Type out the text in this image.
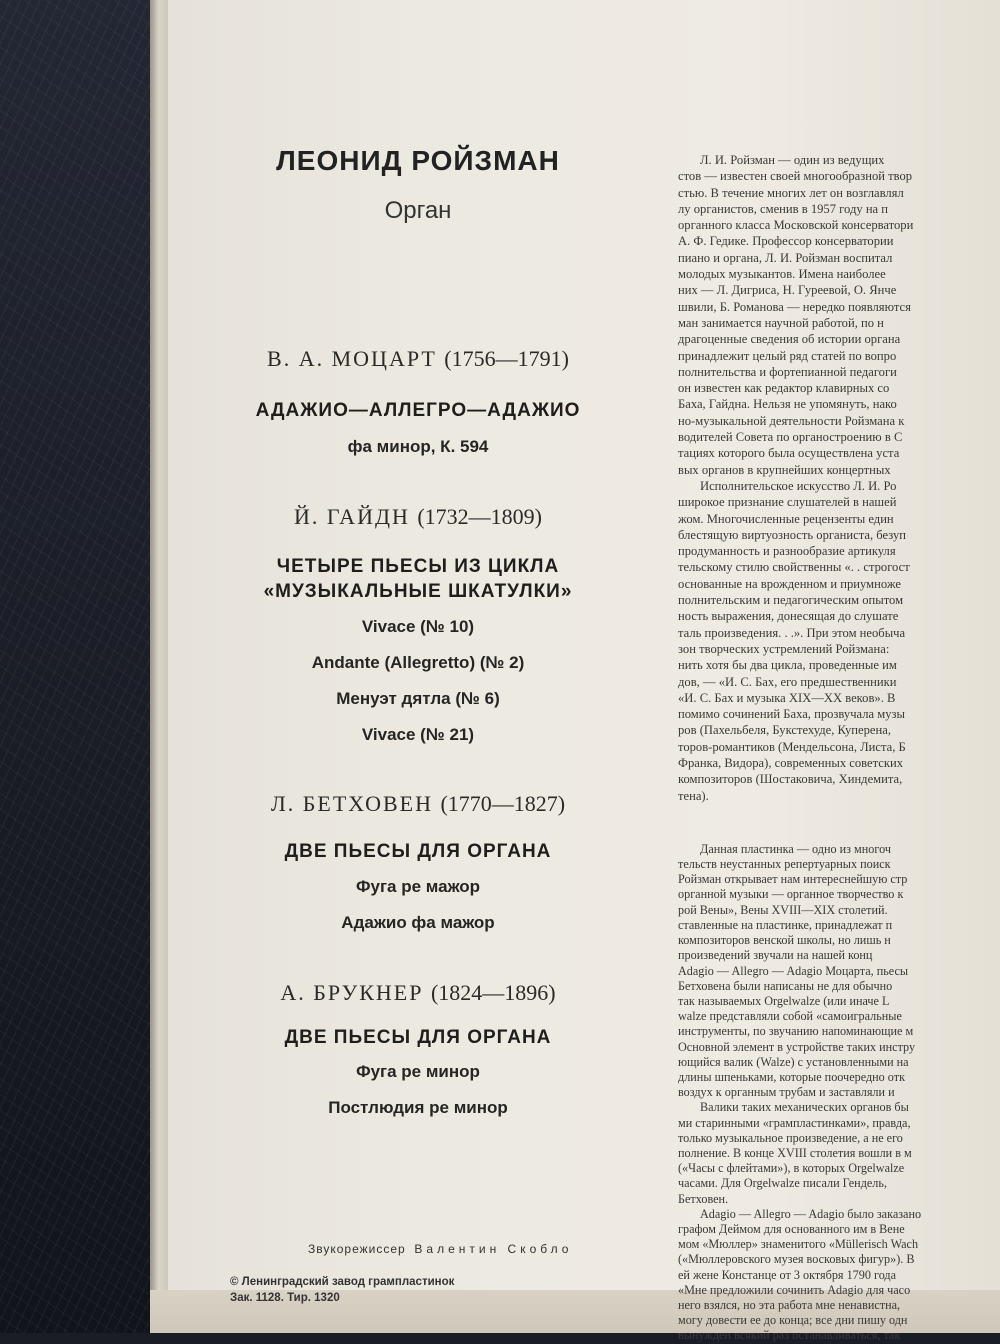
ЛЕОНИД РОЙЗМАН
Орган
В. А. МОЦАРТ (1756—1791)
АДАЖИО—АЛЛЕГРО—АДАЖИО
фа минор, К. 594
Й. ГАЙДН (1732—1809)
ЧЕТЫРЕ ПЬЕСЫ ИЗ ЦИКЛА
«МУЗЫКАЛЬНЫЕ ШКАТУЛКИ»
Vivace (№ 10)
Andante (Allegretto) (№ 2)
Менуэт дятла (№ 6)
Vivace (№ 21)
Л. БЕТХОВЕН (1770—1827)
ДВЕ ПЬЕСЫ ДЛЯ ОРГАНА
Фуга ре мажор
Адажио фа мажор
А. БРУКНЕР (1824—1896)
ДВЕ ПЬЕСЫ ДЛЯ ОРГАНА
Фуга ре минор
Постлюдия ре минор
Звукорежиссер Валентин Скобло
© Ленинградский завод грампластинок
Л. И. Ройзман — один из ведущих
стов — известен своей многообразной твор
стью. В течение многих лет он возглавлял
лу органистов, сменив в 1957 году на п
органного класса Московской консерватори
А. Ф. Гедике. Профессор консерватории
пиано и органа, Л. И. Ройзман воспитал
молодых музыкантов. Имена наиболее
них — Л. Дигриса, Н. Гуреевой, О. Янче
швили, Б. Романова — нередко появляются
ман занимается научной работой, по н
драгоценные сведения об истории органа
принадлежит целый ряд статей по вопро
полнительства и фортепианной педагоги
он известен как редактор клавирных со
Баха, Гайдна. Нельзя не упомянуть, нако
но-музыкальной деятельности Ройзмана к
водителей Совета по органостроению в С
тациях которого была осуществлена уста
вых органов в крупнейших концертных
Исполнительское искусство Л. И. Ро
широкое признание слушателей в нашей
жом. Многочисленные рецензенты един
блестящую виртуозность органиста, безуп
продуманность и разнообразие артикуля
тельскому стилю свойственны «. . строгост
основанные на врожденном и приумноже
полнительским и педагогическим опытом
ность выражения, донесящая до слушате
таль произведения. . .». При этом необыча
зон творческих устремлений Ройзмана:
нить хотя бы два цикла, проведенные им
дов, — «И. С. Бах, его предшественники
«И. С. Бах и музыка XIX—XX веков». В
помимо сочинений Баха, прозвучала музы
ров (Пахельбеля, Букстехуде, Куперена,
торов-романтиков (Мендельсона, Листа, Б
Франка, Видора), современных советских
композиторов (Шостаковича, Хиндемита,
тена).
Данная пластинка — одно из многоч
тельств неустанных репертуарных поиск
Ройзман открывает нам интереснейшую стр
органной музыки — органное творчество к
рой Вены», Вены XVIII—XIX столетий.
ставленные на пластинке, принадлежат п
композиторов венской школы, но лишь н
произведений звучали на нашей конц
Adagio — Allegro — Adagio Моцарта, пьесы
Бетховена были написаны не для обычно
так называемых Orgelwalze (или иначе L
walze представляли собой «самоигральные
инструменты, по звучанию напоминающие м
Основной элемент в устройстве таких инстру
ющийся валик (Walze) с установленными на
длины шпеньками, которые поочередно отк
воздух к органным трубам и заставляли и
Валики таких механических органов бы
ми старинными «грампластинками», правда,
только музыкальное произведение, а не его
полнение. В конце XVIII столетия вошли в м
(«Часы с флейтами»), в которых Orgelwalze
часами. Для Orgelwalze писали Гендель,
Бетховен.
Adagio — Allegro — Adagio было заказано
графом Деймом для основанного им в Вене
мом «Мюллер» знаменитого «Müllerisch Wach
(«Мюллеровского музея восковых фигур»). В
ей жене Констанце от 3 октября 1790 года
«Мне предложили сочинить Adagio для часо
него взялся, но эта работа мне ненавистна,
могу довести ее до конца; все дни пишу одн
вынужден всякий раз останавливаться, так
Зак. 1128. Тир. 1320
